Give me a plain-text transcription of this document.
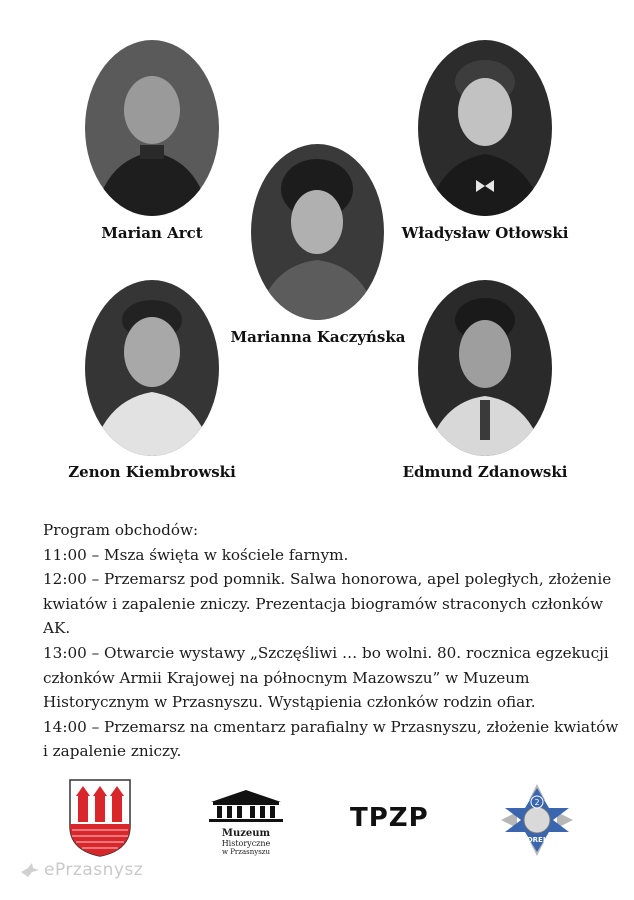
Marian Arct
Marianna Kaczyńska
Władysław Otłowski
Zenon Kiembrowski	Edmund Zdanowski

Program obchodów:

11:00 – Msza święta w kościele farnym.

12:00 – Przemarsz pod pomnik. Salwa honorowa, apel poległych, złożenie

kwiatów i zapalenie zniczy. Prezentacja biogramów straconych członków AK.

13:00 – Otwarcie wystawy „Szczęśliwi … bo wolni. 80. rocznica egzekucji

członków Armii Krajowej na północnym Mazowszu” w Muzeum

Historycznym w Przasnyszu. Wystąpienia członków rodzin ofiar.

14:00 – Przemarsz na cmentarz parafialny w Przasnyszu, złożenie kwiatów

i zapalenie zniczy.

Muzeum
Historyczne
w Przasnyszu
TPZP
2
OREL
ePrzasnysz
